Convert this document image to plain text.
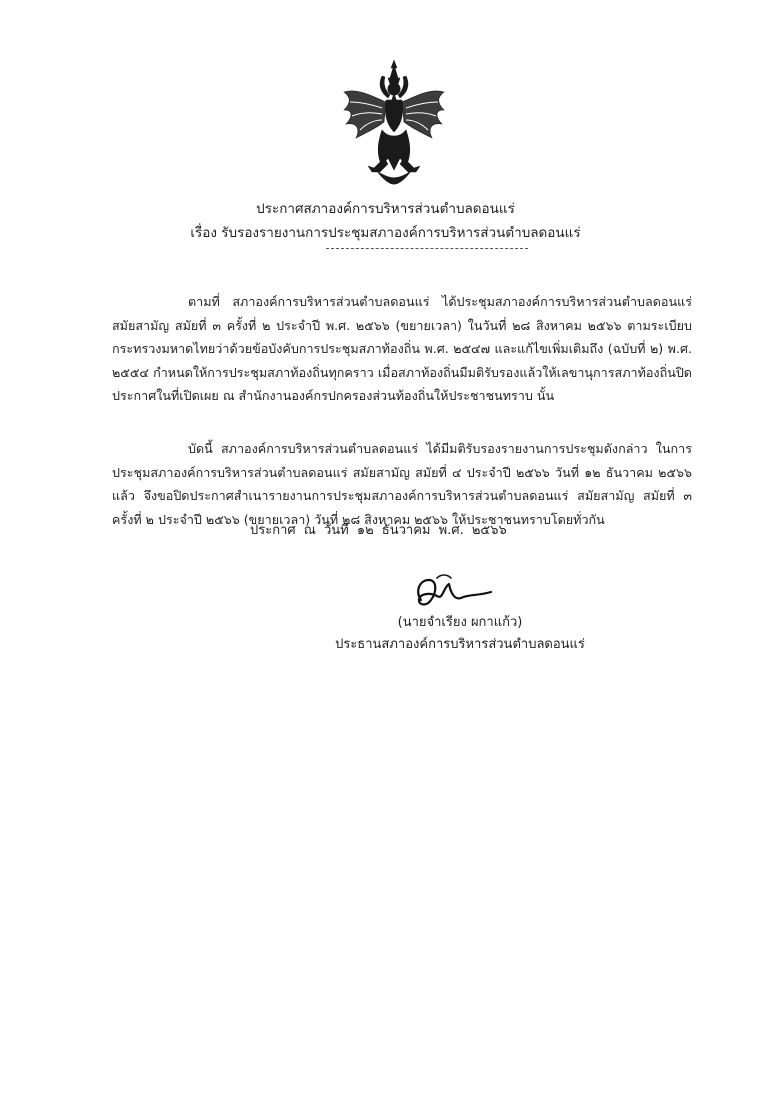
ประกาศสภาองค์การบริหารส่วนตำบลดอนแร่
เรื่อง รับรองรายงานการประชุมสภาองค์การบริหารส่วนตำบลดอนแร่
ตามที่ สภาองค์การบริหารส่วนตำบลดอนแร่ ได้ประชุมสภาองค์การบริหารส่วนตำบลดอนแร่ สมัยสามัญ สมัยที่ ๓ ครั้งที่ ๒ ประจำปี พ.ศ. ๒๕๖๖ (ขยายเวลา) ในวันที่ ๒๘ สิงหาคม ๒๕๖๖ ตามระเบียบกระทรวงมหาดไทยว่าด้วยข้อบังคับการประชุมสภาท้องถิ่น พ.ศ. ๒๕๔๗ และแก้ไขเพิ่มเติมถึง (ฉบับที่ ๒) พ.ศ. ๒๕๕๔ กำหนดให้การประชุมสภาท้องถิ่นทุกคราว เมื่อสภาท้องถิ่นมีมติรับรองแล้วให้เลขานุการสภาท้องถิ่นปิดประกาศในที่เปิดเผย ณ สำนักงานองค์กรปกครองส่วนท้องถิ่นให้ประชาชนทราบ นั้น
บัดนี้ สภาองค์การบริหารส่วนตำบลดอนแร่ ได้มีมติรับรองรายงานการประชุมดังกล่าว ในการประชุมสภาองค์การบริหารส่วนตำบลดอนแร่ สมัยสามัญ สมัยที่ ๔ ประจำปี ๒๕๖๖ วันที่ ๑๒ ธันวาคม ๒๕๖๖ แล้ว จึงขอปิดประกาศสำเนารายงานการประชุมสภาองค์การบริหารส่วนตำบลดอนแร่ สมัยสามัญ สมัยที่ ๓ ครั้งที่ ๒ ประจำปี ๒๕๖๖ (ขยายเวลา) วันที่ ๒๘ สิงหาคม ๒๕๖๖ ให้ประชาชนทราบโดยทั่วกัน
ประกาศ ณ วันที่ ๑๒ ธันวาคม พ.ศ. ๒๕๖๖
(นายจำเรียง ผกาแก้ว)
ประธานสภาองค์การบริหารส่วนตำบลดอนแร่
